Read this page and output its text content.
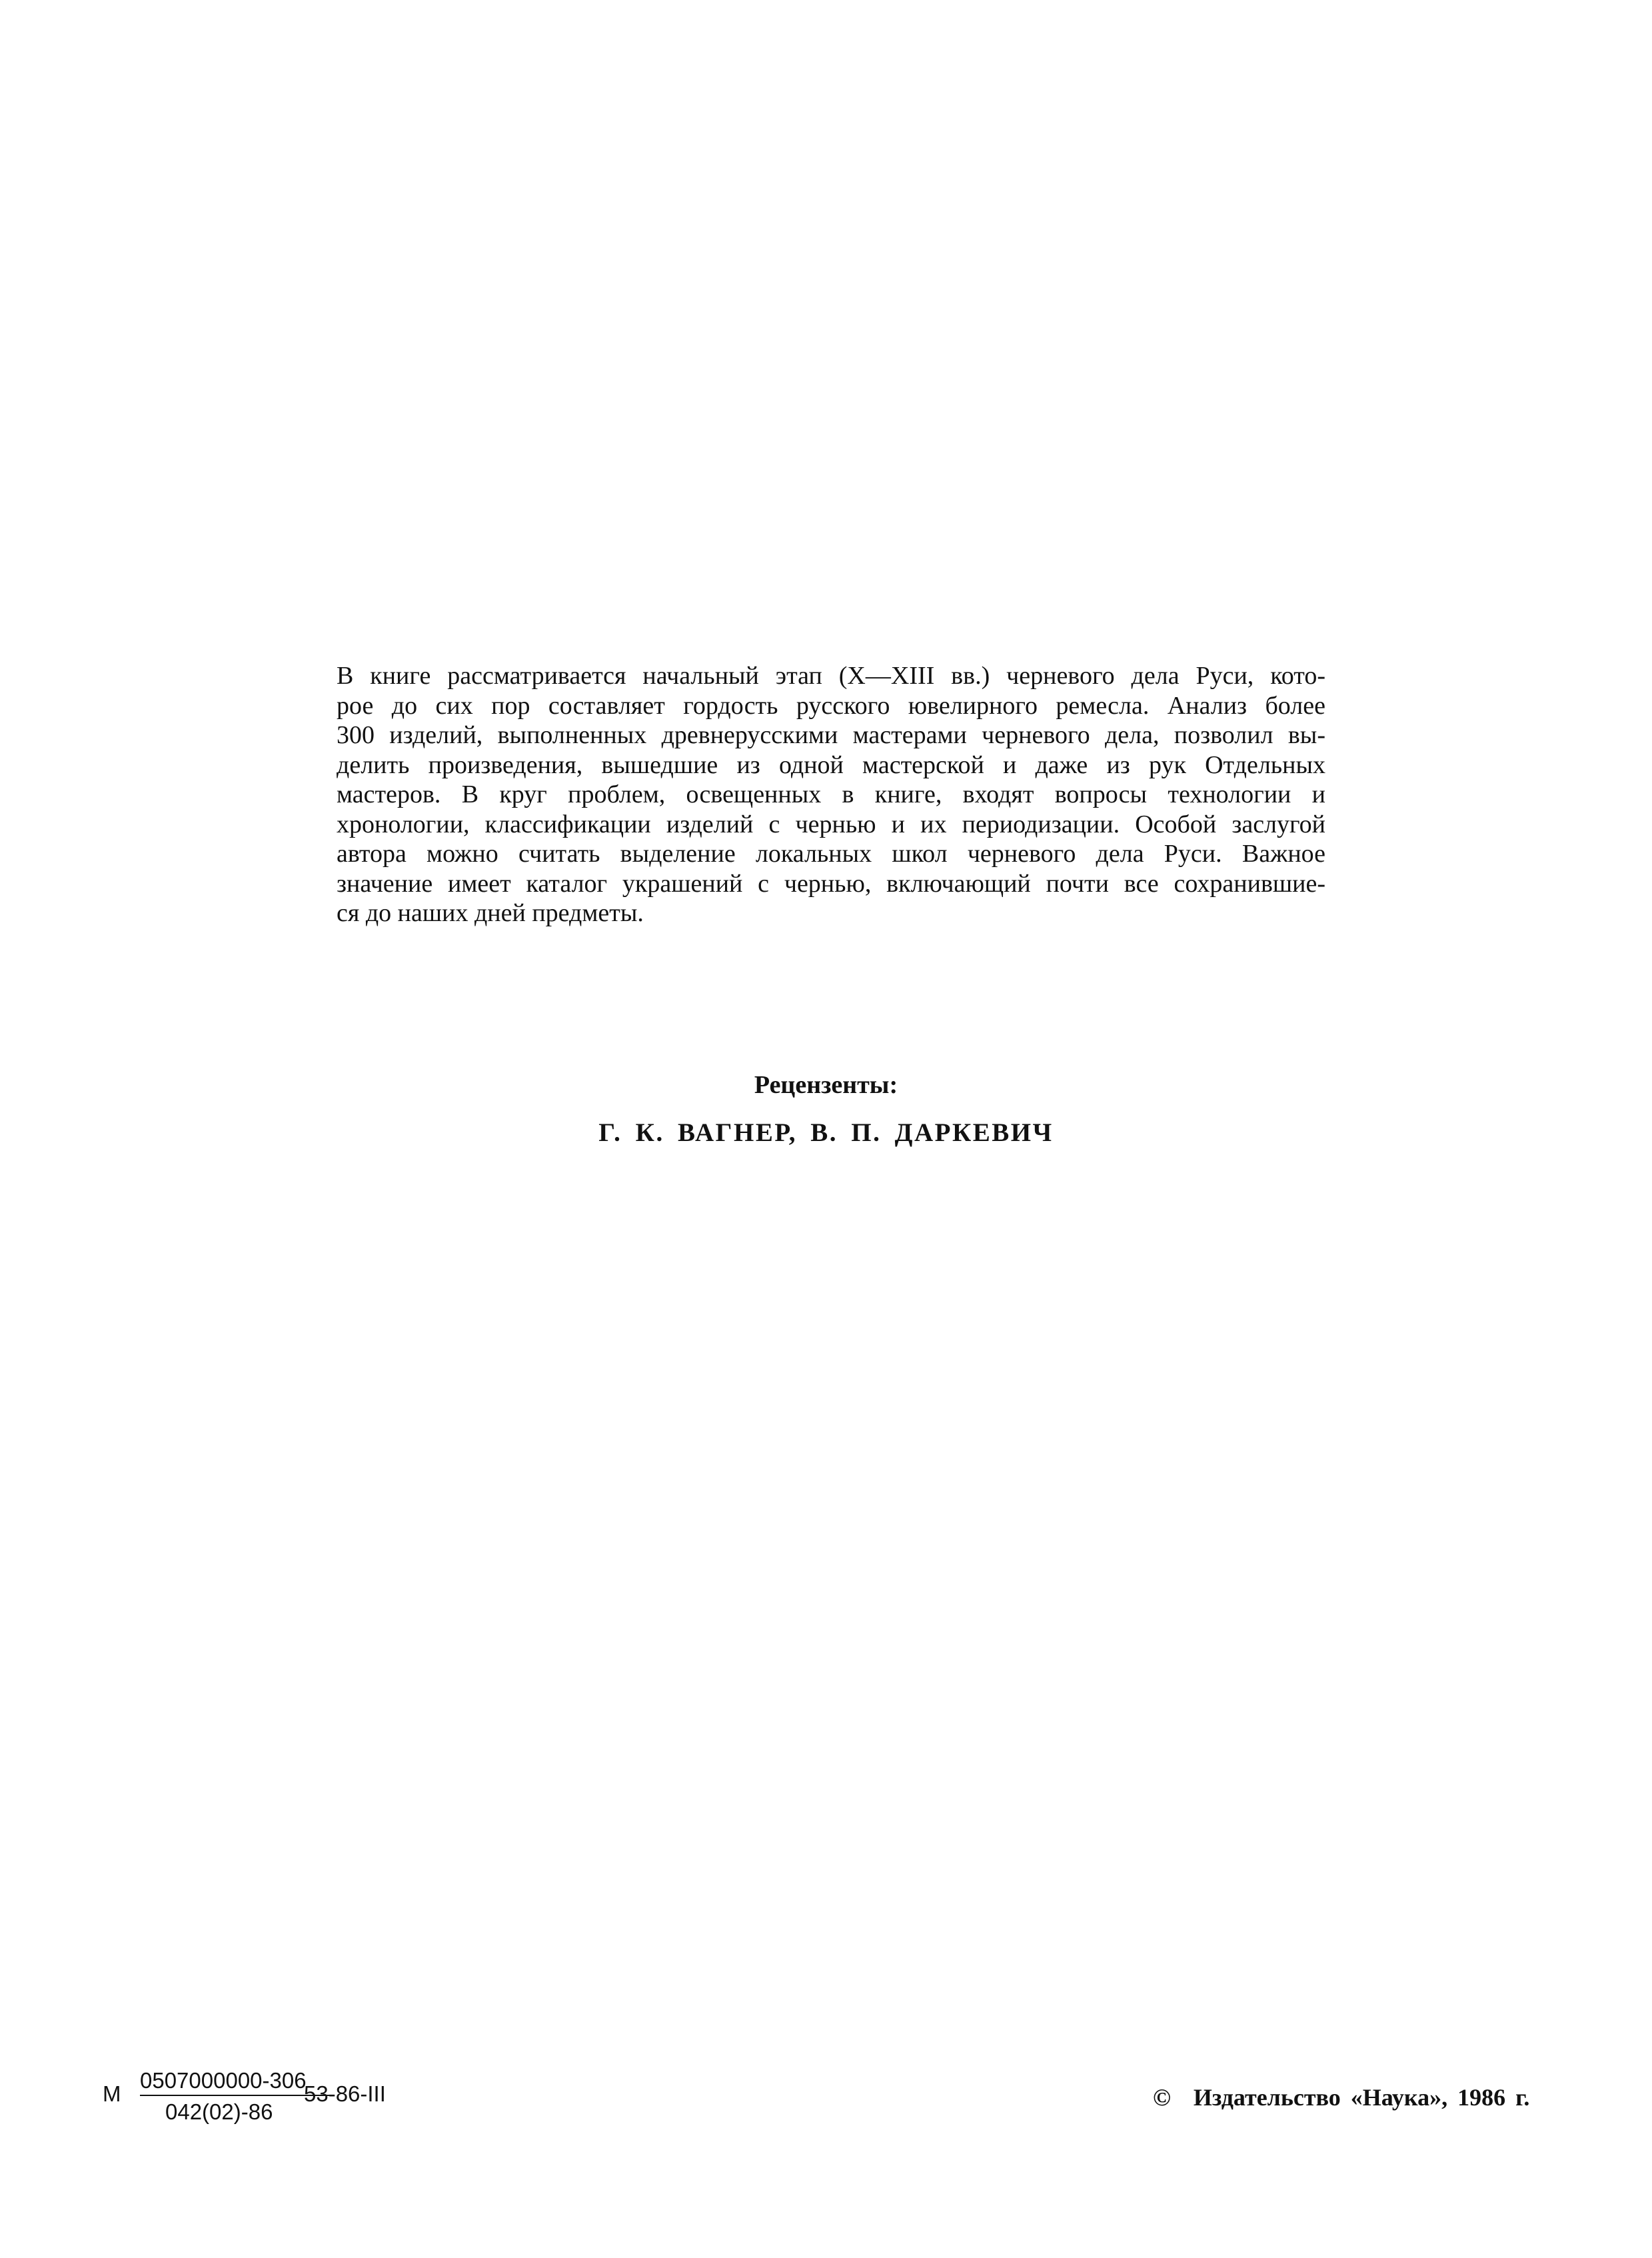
В книге рассматривается начальный этап (X—XIII вв.) черневого дела Руси, кото-
рое до сих пор составляет гордость русского ювелирного ремесла. Анализ более
300 изделий, выполненных древнерусскими мастерами черневого дела, позволил вы-
делить произведения, вышедшие из одной мастерской и даже из рук Отдельных
мастеров. В круг проблем, освещенных в книге, входят вопросы технологии и
хронологии, классификации изделий с чернью и их периодизации. Особой заслугой
автора можно считать выделение локальных школ черневого дела Руси. Важное
значение имеет каталог украшений с чернью, включающий почти все сохранившие-
ся до наших дней предметы.

Рецензенты:

Г. К. ВАГНЕР, В. П. ДАРКЕВИЧ

М
0507000000-306
042(02)-86
53-86-III	© Издательство «Наука», 1986 г.
